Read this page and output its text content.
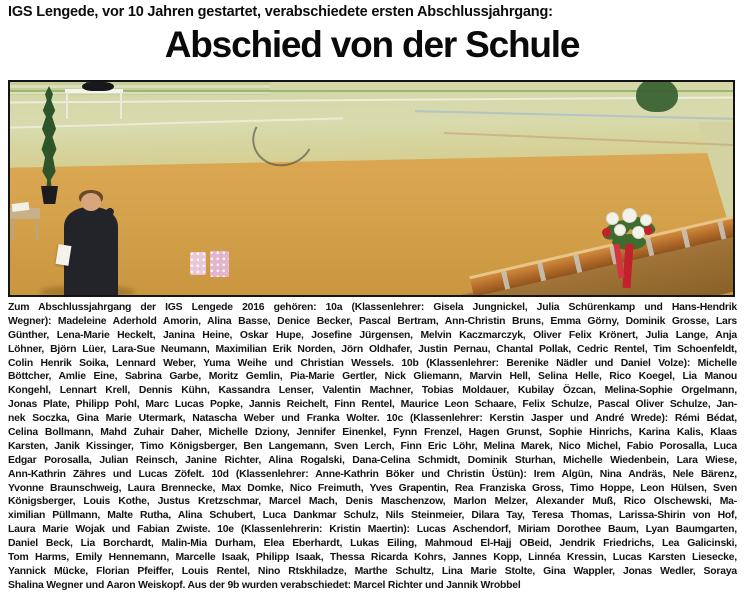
IGS Lengede, vor 10 Jahren gestartet, verabschiedete ersten Abschlussjahrgang:
Abschied von der Schule
Zum Abschlussjahrgang der IGS Lengede 2016 gehören: 10a (Klassenlehrer: Gisela Jungnickel, Julia Schürenkamp und Hans-Hendrik
Wegner): Madeleine Aderhold Amorin, Alina Basse, Denice Becker, Pascal Bertram, Ann-Christin Bruns, Emma Görny, Dominik Grosse, Lars
Günther, Lena-Marie Heckelt, Janina Heine, Oskar Hupe, Josefine Jürgensen, Melvin Kaczmarczyk, Oliver Felix Krönert, Julia Lange, Anja
Löhner, Björn Lüer, Lara-Sue Neumann, Maximilian Erik Norden, Jörn Oldhafer, Justin Pernau, Chantal Pollak, Cedric Rentel, Tim Schoenfeldt,
Colin Henrik Soika, Lennard Weber, Yuma Weihe und Christian Wessels. 10b (Klassenlehrer: Berenike Nädler und Daniel Volze): Michelle
Böttcher, Amlie Eine, Sabrina Garbe, Moritz Gemlin, Pia-Marie Gertler, Nick Gliemann, Marvin Hell, Selina Helle, Rico Koegel, Lia Manou
Kongehl, Lennart Krell, Dennis Kühn, Kassandra Lenser, Valentin Machner, Tobias Moldauer, Kubilay Özcan, Melina-Sophie Orgelmann,
Jonas Plate, Philipp Pohl, Marc Lucas Popke, Jannis Reichelt, Finn Rentel, Maurice Leon Schaare, Felix Schulze, Pascal Oliver Schulze, Jan-
nek Soczka, Gina Marie Utermark, Natascha Weber und Franka Wolter. 10c (Klassenlehrer: Kerstin Jasper und André Wrede): Rémi Bédat,
Celina Bollmann, Mahd Zuhair Daher, Michelle Dziony, Jennifer Einenkel, Fynn Frenzel, Hagen Grunst, Sophie Hinrichs, Karina Kalis, Klaas
Karsten, Janik Kissinger, Timo Königsberger, Ben Langemann, Sven Lerch, Finn Eric Löhr, Melina Marek, Nico Michel, Fabio Porosalla, Luca
Edgar Porosalla, Julian Reinsch, Janine Richter, Alina Rogalski, Dana-Celina Schmidt, Dominik Sturhan, Michelle Wiedenbein, Lara Wiese,
Ann-Kathrin Zähres und Lucas Zöfelt. 10d (Klassenlehrer: Anne-Kathrin Böker und Christin Üstün): Irem Algün, Nina Andräs, Nele Bärenz,
Yvonne Braunschweig, Laura Brennecke, Max Domke, Nico Freimuth, Yves Grapentin, Rea Franziska Gross, Timo Hoppe, Leon Hülsen, Sven
Königsberger, Louis Kothe, Justus Kretzschmar, Marcel Mach, Denis Maschenzow, Marlon Melzer, Alexander Muß, Rico Olschewski, Ma-
ximilian Püllmann, Malte Rutha, Alina Schubert, Luca Dankmar Schulz, Nils Steinmeier, Dilara Tay, Teresa Thomas, Larissa-Shirin von Hof,
Laura Marie Wojak und Fabian Zwiste. 10e (Klassenlehrerin: Kristin Maertin): Lucas Aschendorf, Miriam Dorothee Baum, Lyan Baumgarten,
Daniel Beck, Lia Borchardt, Malin-Mia Durham, Elea Eberhardt, Lukas Eiling, Mahmoud El-Hajj OBeid, Jendrik Friedrichs, Lea Galicinski,
Tom Harms, Emily Hennemann, Marcelle Isaak, Philipp Isaak, Thessa Ricarda Kohrs, Jannes Kopp, Linnéa Kressin, Lucas Karsten Liesecke,
Yannick Mücke, Florian Pfeiffer, Louis Rentel, Nino Rtskhiladze, Marthe Schultz, Lina Marie Stolte, Gina Wappler, Jonas Wedler, Soraya
Shalina Wegner und Aaron Weiskopf. Aus der 9b wurden verabschiedet: Marcel Richter und Jannik Wrobbel
